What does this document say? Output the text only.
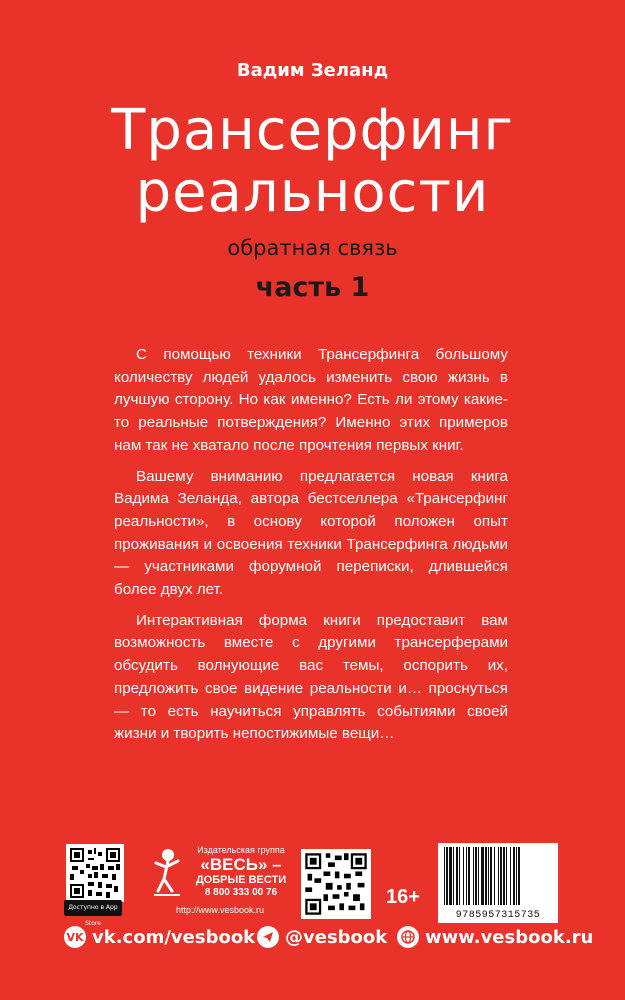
Вадим Зеланд
Трансерфинг
реальности
обратная связь
часть 1

С помощью техники Трансерфинга большому количеству людей удалось изменить свою жизнь в лучшую сторону. Но как именно? Есть ли этому какие-то реальные потверждения? Именно этих примеров нам так не хватало после прочтения первых книг.

Вашему вниманию предлагается новая книга Вадима Зеланда, автора бестселлера «Трансерфинг реальности», в основу которой положен опыт проживания и освоения техники Трансерфинга людьми — участниками форумной переписки, длившейся более двух лет.

Интерактивная форма книги предоставит вам возможность вместе с другими трансерферами обсудить волнующие вас темы, оспорить их, предложить свое видение реальности и… проснуться — то есть научиться управлять событиями своей жизни и творить непостижимые вещи…

Доступно в App Store
Издательская группа
«ВЕСЬ» –
ДОБРЫЕ ВЕСТИ
8 800 333 00 76
http://www.vesbook.ru
16+
9785957315735
VK vk.com/vesbook @vesbook www.vesbook.ru
